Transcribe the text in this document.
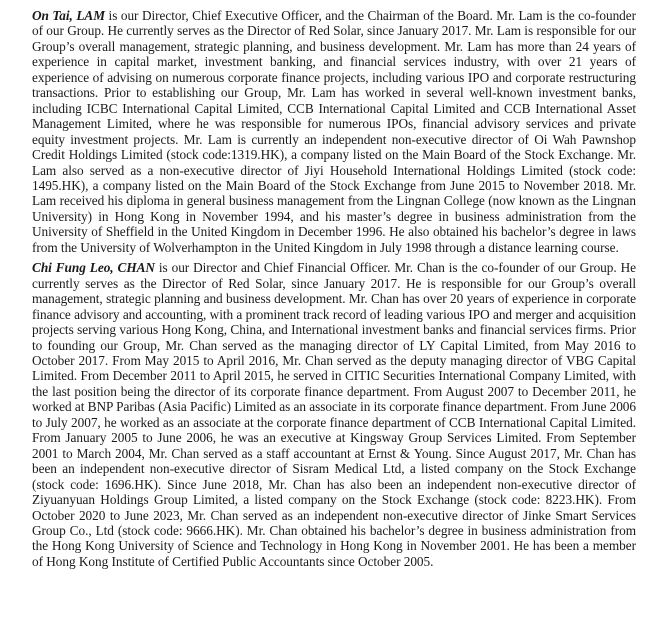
On Tai, LAM is our Director, Chief Executive Officer, and the Chairman of the Board. Mr. Lam is the co-founder of our Group. He currently serves as the Director of Red Solar, since January 2017. Mr. Lam is responsible for our Group’s overall management, strategic planning, and business development. Mr. Lam has more than 24 years of experience in capital market, investment banking, and financial services industry, with over 21 years of experience of advising on numerous corporate finance projects, including various IPO and corporate restructuring transactions. Prior to establishing our Group, Mr. Lam has worked in several well-known investment banks, including ICBC International Capital Limited, CCB International Capital Limited and CCB International Asset Management Limited, where he was responsible for numerous IPOs, financial advisory services and private equity investment projects. Mr. Lam is currently an independent non-executive director of Oi Wah Pawnshop Credit Holdings Limited (stock code:1319.HK), a company listed on the Main Board of the Stock Exchange. Mr. Lam also served as a non-executive director of Jiyi Household International Holdings Limited (stock code: 1495.HK), a company listed on the Main Board of the Stock Exchange from June 2015 to November 2018. Mr. Lam received his diploma in general business management from the Lingnan College (now known as the Lingnan University) in Hong Kong in November 1994, and his master’s degree in business administration from the University of Sheffield in the United Kingdom in December 1996. He also obtained his bachelor’s degree in laws from the University of Wolverhampton in the United Kingdom in July 1998 through a distance learning course.

Chi Fung Leo, CHAN is our Director and Chief Financial Officer. Mr. Chan is the co-founder of our Group. He currently serves as the Director of Red Solar, since January 2017. He is responsible for our Group’s overall management, strategic planning and business development. Mr. Chan has over 20 years of experience in corporate finance advisory and accounting, with a prominent track record of leading various IPO and merger and acquisition projects serving various Hong Kong, China, and International investment banks and financial services firms. Prior to founding our Group, Mr. Chan served as the managing director of LY Capital Limited, from May 2016 to October 2017. From May 2015 to April 2016, Mr. Chan served as the deputy managing director of VBG Capital Limited. From December 2011 to April 2015, he served in CITIC Securities International Company Limited, with the last position being the director of its corporate finance department. From August 2007 to December 2011, he worked at BNP Paribas (Asia Pacific) Limited as an associate in its corporate finance department. From June 2006 to July 2007, he worked as an associate at the corporate finance department of CCB International Capital Limited. From January 2005 to June 2006, he was an executive at Kingsway Group Services Limited. From September 2001 to March 2004, Mr. Chan served as a staff accountant at Ernst & Young. Since August 2017, Mr. Chan has been an independent non-executive director of Sisram Medical Ltd, a listed company on the Stock Exchange (stock code: 1696.HK). Since June 2018, Mr. Chan has also been an independent non-executive director of Ziyuanyuan Holdings Group Limited, a listed company on the Stock Exchange (stock code: 8223.HK). From October 2020 to June 2023, Mr. Chan served as an independent non-executive director of Jinke Smart Services Group Co., Ltd (stock code: 9666.HK). Mr. Chan obtained his bachelor’s degree in business administration from the Hong Kong University of Science and Technology in Hong Kong in November 2001. He has been a member of Hong Kong Institute of Certified Public Accountants since October 2005.
